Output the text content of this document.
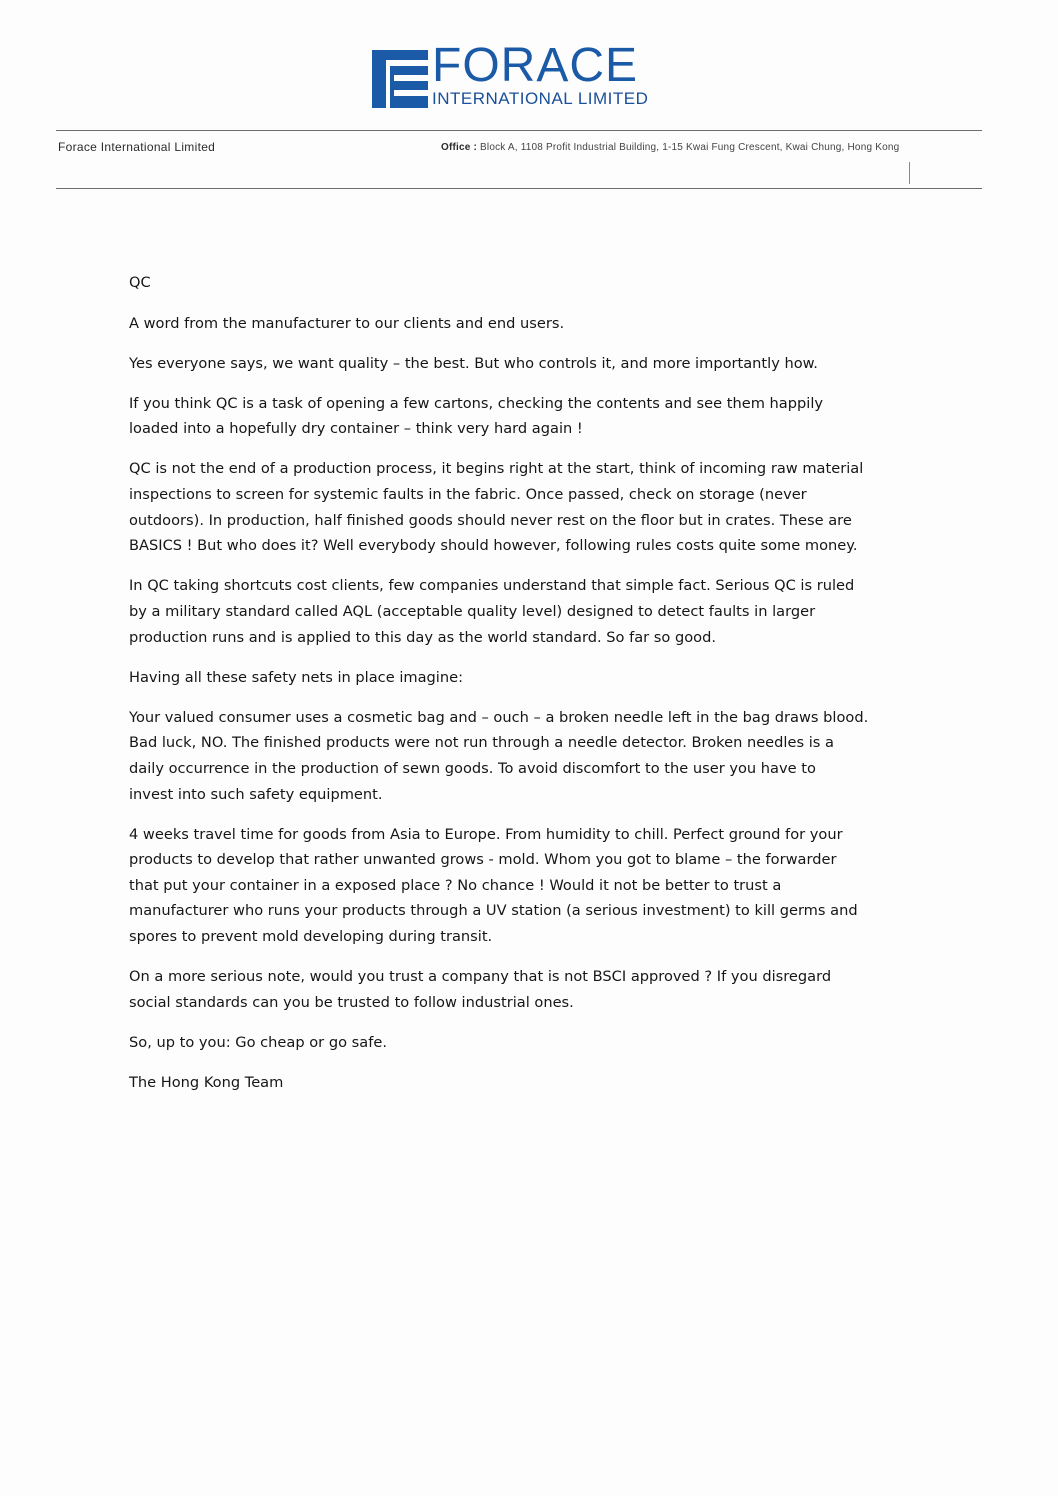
FORACE
INTERNATIONAL LIMITED
Forace International Limited	Office : Block A, 1108 Profit Industrial Building, 1-15 Kwai Fung Crescent, Kwai Chung, Hong Kong

QC

A word from the manufacturer to our clients and end users.

Yes everyone says, we want quality – the best. But who controls it, and more importantly how.

If you think QC is a task of opening a few cartons, checking the contents and see them happily
loaded into a hopefully dry container – think very hard again !

QC is not the end of a production process, it begins right at the start, think of incoming raw material
inspections to screen for systemic faults in the fabric. Once passed, check on storage (never
outdoors). In production, half finished goods should never rest on the floor but in crates. These are
BASICS ! But who does it? Well everybody should however, following rules costs quite some money.

In QC taking shortcuts cost clients, few companies understand that simple fact. Serious QC is ruled
by a military standard called AQL (acceptable quality level) designed to detect faults in larger
production runs and is applied to this day as the world standard. So far so good.

Having all these safety nets in place imagine:

Your valued consumer uses a cosmetic bag and – ouch – a broken needle left in the bag draws blood.
Bad luck, NO. The finished products were not run through a needle detector. Broken needles is a
daily occurrence in the production of sewn goods. To avoid discomfort to the user you have to
invest into such safety equipment.

4 weeks travel time for goods from Asia to Europe. From humidity to chill. Perfect ground for your
products to develop that rather unwanted grows - mold. Whom you got to blame – the forwarder
that put your container in a exposed place ? No chance ! Would it not be better to trust a
manufacturer who runs your products through a UV station (a serious investment) to kill germs and
spores to prevent mold developing during transit.

On a more serious note, would you trust a company that is not BSCI approved ? If you disregard
social standards can you be trusted to follow industrial ones.

So, up to you: Go cheap or go safe.

The Hong Kong Team
